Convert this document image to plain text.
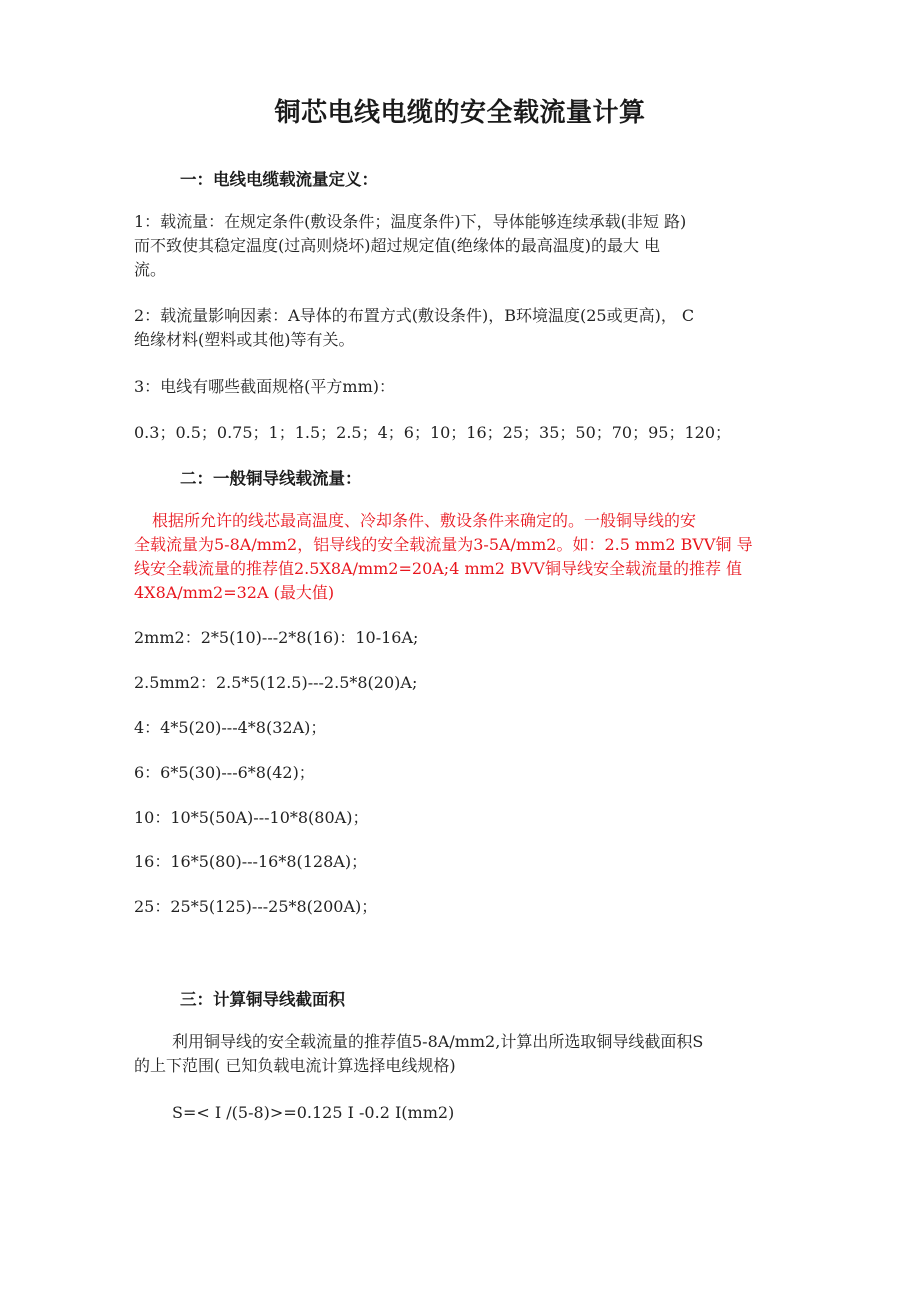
铜芯电线电缆的安全载流量计算
一：电线电缆载流量定义：
1：载流量：在规定条件(敷设条件；温度条件)下，导体能够连续承载(非短 路)
而不致使其稳定温度(过高则烧坏)超过规定值(绝缘体的最高温度)的最大 电
流。
2：载流量影响因素：A导体的布置方式(敷设条件)，B环境温度(25或更高)， C
绝缘材料(塑料或其他)等有关。
3：电线有哪些截面规格(平方mm)：
0.3；0.5；0.75；1；1.5；2.5；4；6；10；16；25；35；50；70；95；120；
二：一般铜导线载流量：
根据所允许的线芯最高温度、冷却条件、敷设条件来确定的。一般铜导线的安
全载流量为5-8A/mm2，铝导线的安全载流量为3-5A/mm2。如：2.5 mm2 BVV铜 导
线安全载流量的推荐值2.5X8A/mm2=20A;4 mm2 BVV铜导线安全载流量的推荐 值
4X8A/mm2=32A (最大值)
2mm2：2*5(10)---2*8(16)：10-16A;
2.5mm2：2.5*5(12.5)---2.5*8(20)A;
4：4*5(20)---4*8(32A)；
6：6*5(30)---6*8(42)；
10：10*5(50A)---10*8(80A)；
16：16*5(80)---16*8(128A)；
25：25*5(125)---25*8(200A)；
三：计算铜导线截面积
利用铜导线的安全载流量的推荐值5-8A/mm2,计算出所选取铜导线截面积S
的上下范围( 已知负载电流计算选择电线规格)
S=< I /(5-8)>=0.125 I -0.2 I(mm2)
